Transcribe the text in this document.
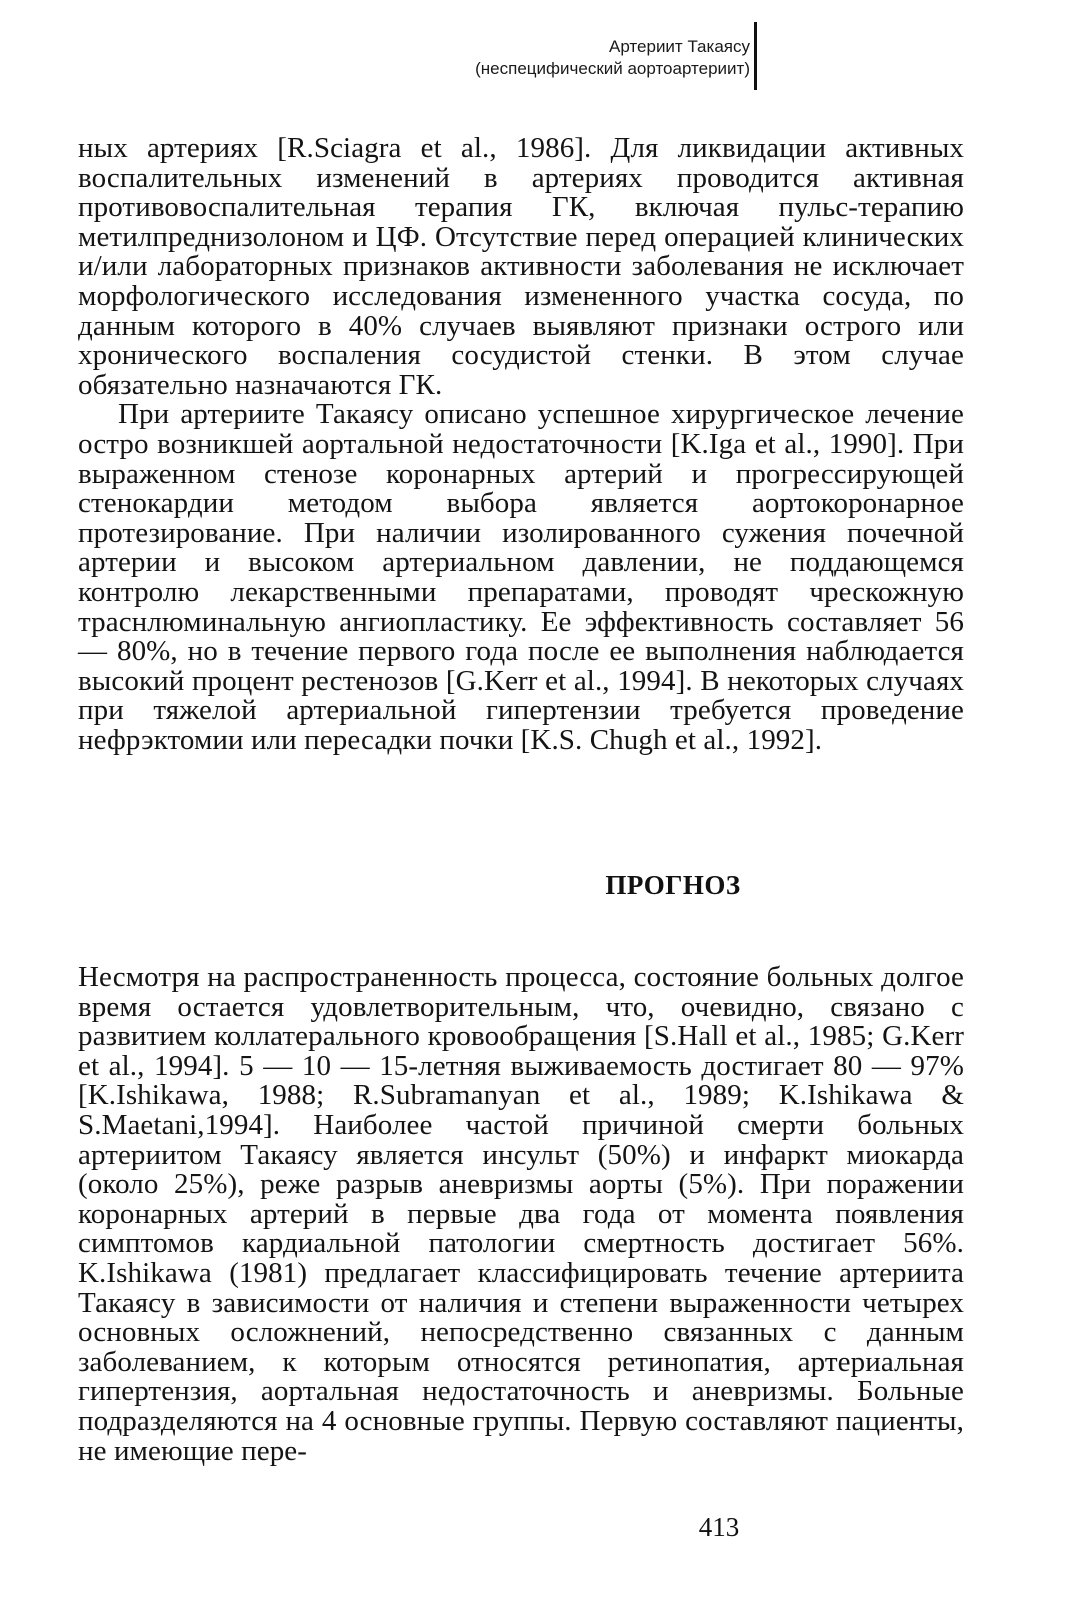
Артериит Такаясу
(неспецифический аортоартериит)

ных артериях [R.Sciagra et al., 1986]. Для ликвидации активных воспалительных изменений в артериях проводится активная противовоспалительная терапия ГК, включая пульс-терапию метилпреднизолоном и ЦФ. Отсутствие перед операцией клинических и/или лабораторных признаков активности заболевания не исключает морфологического исследования измененного участка сосуда, по данным которого в 40% случаев выявляют признаки острого или хронического воспаления сосудистой стенки. В этом случае обязательно назначаются ГК.

При артериите Такаясу описано успешное хирургическое лечение остро возникшей аортальной недостаточности [K.Iga et al., 1990]. При выраженном стенозе коронарных артерий и прогрессирующей стенокардии методом выбора является аортокоронарное протезирование. При наличии изолированного сужения почечной артерии и высоком артериальном давлении, не поддающемся контролю лекарственными препаратами, проводят чрескожную траснлюминальную ангиопластику. Ее эффективность составляет 56 — 80%, но в течение первого года после ее выполнения наблюдается высокий процент рестенозов [G.Kerr et al., 1994]. В некоторых случаях при тяжелой артериальной гипертензии требуется проведение нефрэктомии или пересадки почки [K.S. Chugh et al., 1992].

ПРОГНОЗ

Несмотря на распространенность процесса, состояние больных долгое время остается удовлетворительным, что, очевидно, связано с развитием коллатерального кровообращения [S.Hall et al., 1985; G.Kerr et al., 1994]. 5 — 10 — 15-летняя выживаемость достигает 80 — 97% [K.Ishikawa, 1988; R.Subramanyan et al., 1989; K.Ishikawa & S.Maetani,1994]. Наиболее частой причиной смерти больных артериитом Такаясу является инсульт (50%) и инфаркт миокарда (около 25%), реже разрыв аневризмы аорты (5%). При поражении коронарных артерий в первые два года от момента появления симптомов кардиальной патологии смертность достигает 56%. K.Ishikawa (1981) предлагает классифицировать течение артериита Такаясу в зависимости от наличия и степени выраженности четырех основных осложнений, непосредственно связанных с данным заболеванием, к которым относятся ретинопатия, артериальная гипертензия, аортальная недостаточность и аневризмы. Больные подразделяются на 4 основные группы. Первую составляют пациенты, не имеющие пере-

413
